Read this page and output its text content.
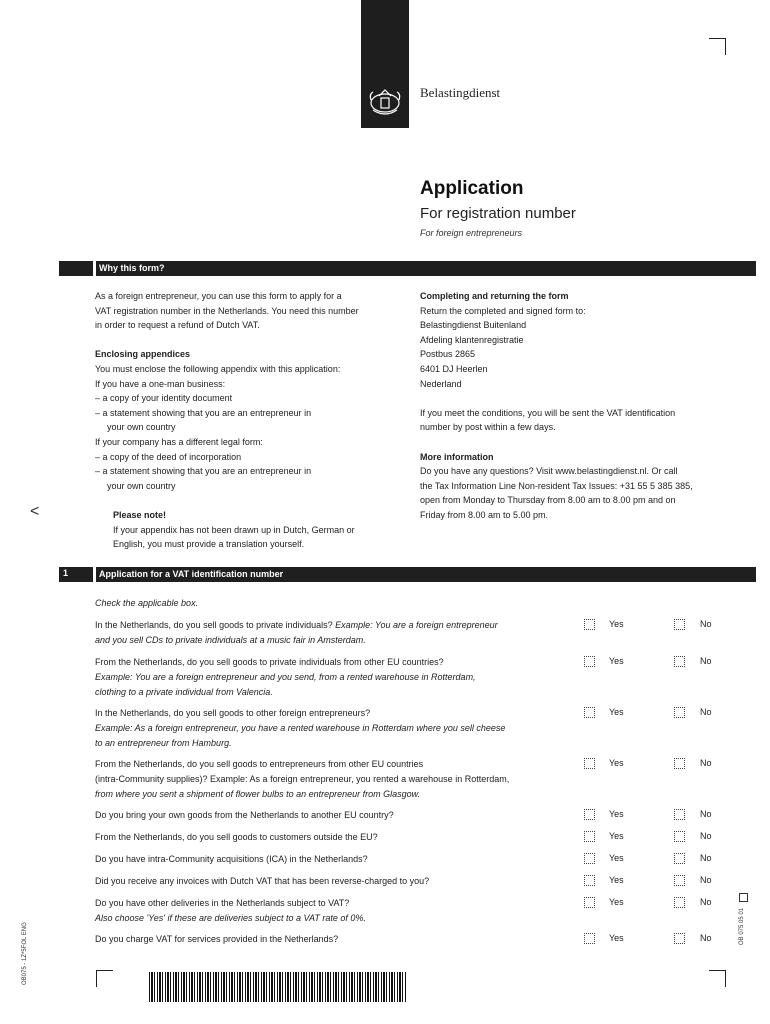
Belastingdienst
Application
For registration number
For foreign entrepreneurs
Why this form?
As a foreign entrepreneur, you can use this form to apply for a
VAT registration number in the Netherlands. You need this number
in order to request a refund of Dutch VAT.
Enclosing appendices
You must enclose the following appendix with this application:
If you have a one-man business:
– a copy of your identity document
– a statement showing that you are an entrepreneur in
your own country
If your company has a different legal form:
– a copy of the deed of incorporation
– a statement showing that you are an entrepreneur in
your own country
Please note!
If your appendix has not been drawn up in Dutch, German or
English, you must provide a translation yourself.
<
Completing and returning the form
Return the completed and signed form to:
Belastingdienst Buitenland
Afdeling klantenregistratie
Postbus 2865
6401 DJ Heerlen
Nederland
If you meet the conditions, you will be sent the VAT identification
number by post within a few days.
More information
Do you have any questions? Visit www.belastingdienst.nl. Or call
the Tax Information Line Non-resident Tax Issues: +31 55 5 385 385,
open from Monday to Thursday from 8.00 am to 8.00 pm and on
Friday from 8.00 am to 5.00 pm.
1	Application for a VAT identification number
Check the applicable box.
In the Netherlands, do you sell goods to private individuals? Example: You are a foreign entrepreneur
and you sell CDs to private individuals at a music fair in Amsterdam.
Yes	No
From the Netherlands, do you sell goods to private individuals from other EU countries?
Example: You are a foreign entrepreneur and you send, from a rented warehouse in Rotterdam,
clothing to a private individual from Valencia.
Yes	No
In the Netherlands, do you sell goods to other foreign entrepreneurs?
Example: As a foreign entrepreneur, you have a rented warehouse in Rotterdam where you sell cheese
to an entrepreneur from Hamburg.
Yes	No
From the Netherlands, do you sell goods to entrepreneurs from other EU countries
(intra-Community supplies)? Example: As a foreign entrepreneur, you rented a warehouse in Rotterdam,
from where you sent a shipment of flower bulbs to an entrepreneur from Glasgow.
Yes	No
Do you bring your own goods from the Netherlands to another EU country?	Yes	No
From the Netherlands, do you sell goods to customers outside the EU?	Yes	No
Do you have intra-Community acquisitions (ICA) in the Netherlands?	Yes	No
Did you receive any invoices with Dutch VAT that has been reverse-charged to you?	Yes	No
Do you have other deliveries in the Netherlands subject to VAT?
Also choose 'Yes' if these are deliveries subject to a VAT rate of 0%.
Yes	No
Do you charge VAT for services provided in the Netherlands?	Yes	No
OB075 - 1Z*5FOL ENG	OB 075 05 01
